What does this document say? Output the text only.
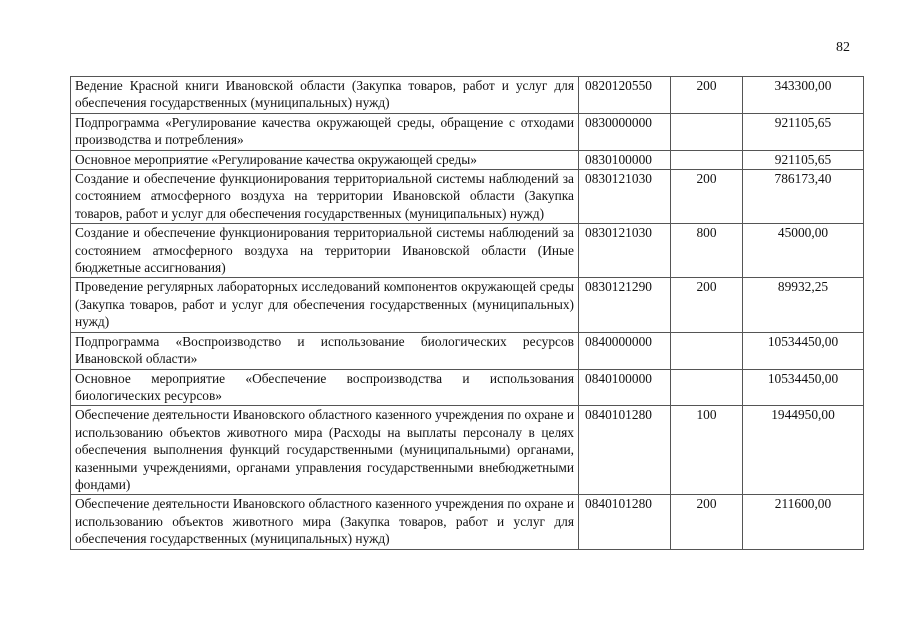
82
Ведение Красной книги Ивановской области (Закупка товаров, работ и услуг для обеспечения государственных (муниципальных) нужд)	0820120550	200	343300,00
Подпрограмма «Регулирование качества окружающей среды, обращение с отходами производства и потребления»	0830000000		921105,65
Основное мероприятие «Регулирование качества окружающей среды»	0830100000		921105,65
Создание и обеспечение функционирования территориальной системы наблюдений за состоянием атмосферного воздуха на территории Ивановской области (Закупка товаров, работ и услуг для обеспечения государственных (муниципальных) нужд)	0830121030	200	786173,40
Создание и обеспечение функционирования территориальной системы наблюдений за состоянием атмосферного воздуха на территории Ивановской области (Иные бюджетные ассигнования)	0830121030	800	45000,00
Проведение регулярных лабораторных исследований компонентов окружающей среды (Закупка товаров, работ и услуг для обеспечения государственных (муниципальных) нужд)	0830121290	200	89932,25
Подпрограмма «Воспроизводство и использование биологических ресурсов Ивановской области»	0840000000		10534450,00
Основное мероприятие «Обеспечение воспроизводства и использования биологических ресурсов»	0840100000		10534450,00
Обеспечение деятельности Ивановского областного казенного учреждения по охране и использованию объектов животного мира (Расходы на выплаты персоналу в целях обеспечения выполнения функций государственными (муниципальными) органами, казенными учреждениями, органами управления государственными внебюджетными фондами)	0840101280	100	1944950,00
Обеспечение деятельности Ивановского областного казенного учреждения по охране и использованию объектов животного мира (Закупка товаров, работ и услуг для обеспечения государственных (муниципальных) нужд)	0840101280	200	211600,00
